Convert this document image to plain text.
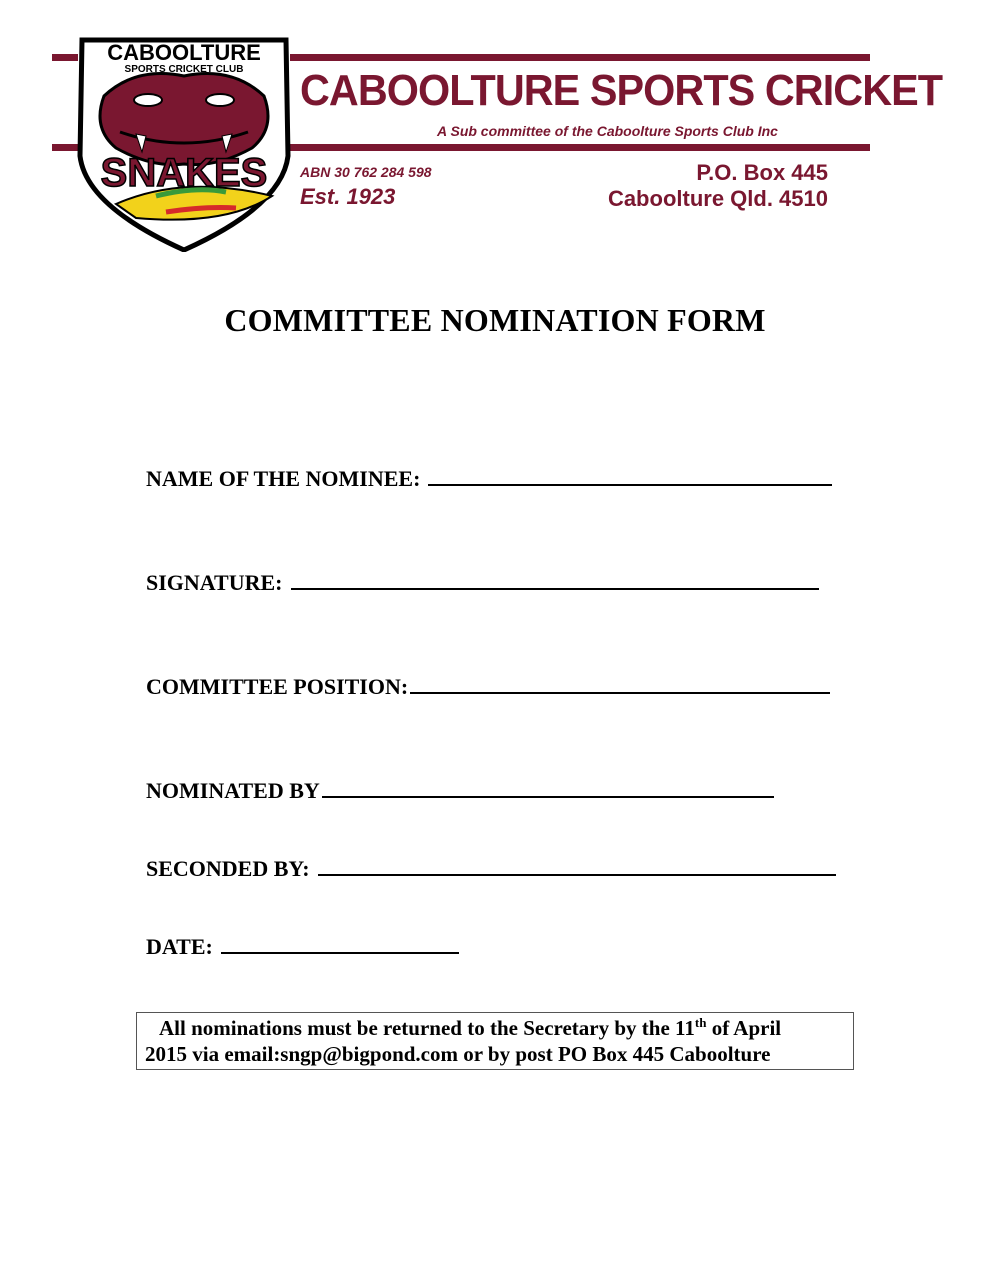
CABOOLTURE
SPORTS CRICKET CLUB
SNAKES
CABOOLTURE SPORTS CRICKET
A Sub committee of the Caboolture Sports Club Inc
ABN 30 762 284 598
Est. 1923
P.O. Box 445
Caboolture Qld. 4510
COMMITTEE NOMINATION FORM
NAME OF THE NOMINEE:
SIGNATURE:
COMMITTEE POSITION:
NOMINATED BY
SECONDED BY:
DATE:
All nominations must be returned to the Secretary by the 11th of April
2015 via email:sngp@bigpond.com or by post PO Box 445 Caboolture
